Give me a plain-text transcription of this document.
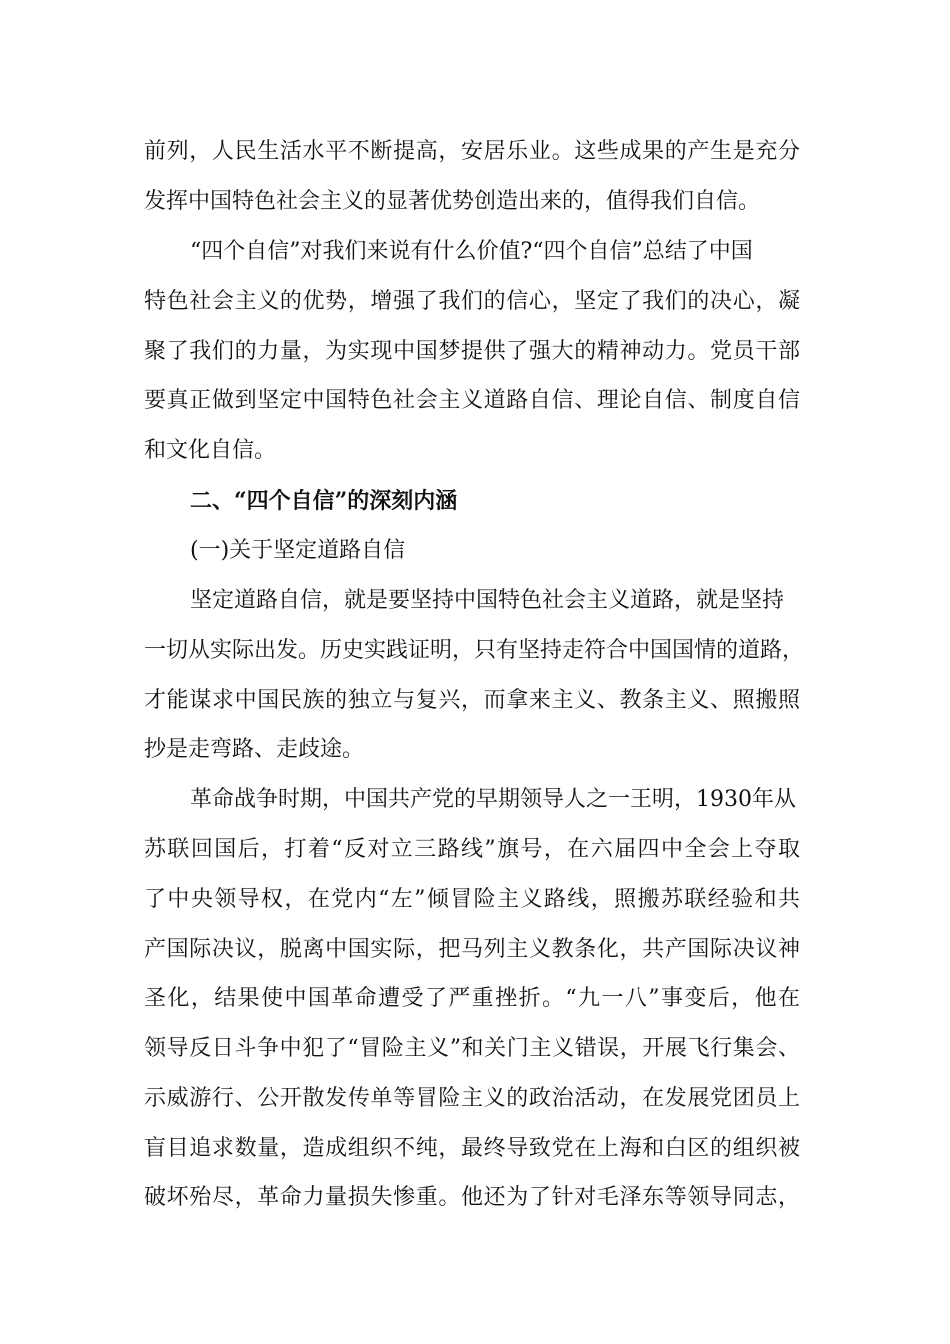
前列，人民生活水平不断提高，安居乐业。这些成果的产生是充分
发挥中国特色社会主义的显著优势创造出来的，值得我们自信。
“四个自信”对我们来说有什么价值?“四个自信”总结了中国
特色社会主义的优势，增强了我们的信心，坚定了我们的决心，凝
聚了我们的力量，为实现中国梦提供了强大的精神动力。党员干部
要真正做到坚定中国特色社会主义道路自信、理论自信、制度自信
和文化自信。
二、“四个自信”的深刻内涵
(一)关于坚定道路自信
坚定道路自信，就是要坚持中国特色社会主义道路，就是坚持
一切从实际出发。历史实践证明，只有坚持走符合中国国情的道路，
才能谋求中国民族的独立与复兴，而拿来主义、教条主义、照搬照
抄是走弯路、走歧途。
革命战争时期，中国共产党的早期领导人之一王明，1930年从
苏联回国后，打着“反对立三路线”旗号，在六届四中全会上夺取
了中央领导权，在党内“左”倾冒险主义路线，照搬苏联经验和共
产国际决议，脱离中国实际，把马列主义教条化，共产国际决议神
圣化，结果使中国革命遭受了严重挫折。“九一八”事变后，他在
领导反日斗争中犯了“冒险主义”和关门主义错误，开展飞行集会、
示威游行、公开散发传单等冒险主义的政治活动，在发展党团员上
盲目追求数量，造成组织不纯，最终导致党在上海和白区的组织被
破坏殆尽，革命力量损失惨重。他还为了针对毛泽东等领导同志，
